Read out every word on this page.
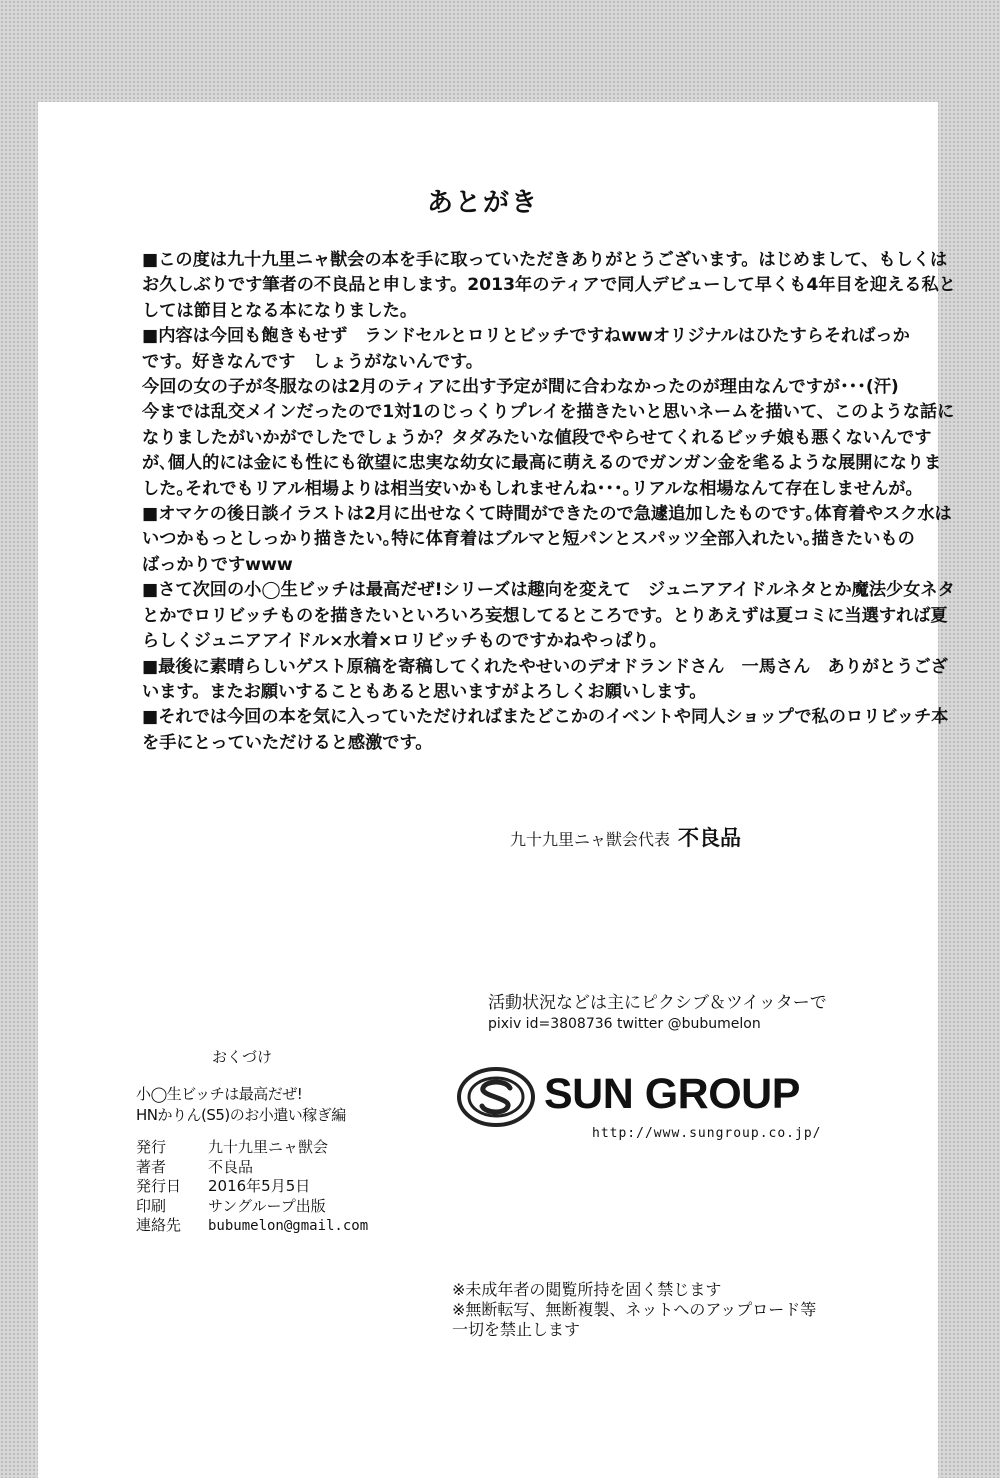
あとがき
■この度は九十九里ニャ獣会の本を手に取っていただきありがとうございます。はじめまして、もしくは
お久しぶりです筆者の不良品と申します。2013年のティアで同人デビューして早くも4年目を迎える私と
しては節目となる本になりました。
■内容は今回も飽きもせず　ランドセルとロリとビッチですねwwオリジナルはひたすらそればっか
です。好きなんです　しょうがないんです。
今回の女の子が冬服なのは2月のティアに出す予定が間に合わなかったのが理由なんですが･･･(汗)
今までは乱交メインだったので1対1のじっくりプレイを描きたいと思いネームを描いて、このような話に
なりましたがいかがでしたでしょうか？タダみたいな値段でやらせてくれるビッチ娘も悪くないんです
が､個人的には金にも性にも欲望に忠実な幼女に最高に萌えるのでガンガン金を毟るような展開になりま
した｡それでもリアル相場よりは相当安いかもしれませんね･･･｡リアルな相場なんて存在しませんが｡
■オマケの後日談イラストは2月に出せなくて時間ができたので急遽追加したものです｡体育着やスク水は
いつかもっとしっかり描きたい｡特に体育着はブルマと短パンとスパッツ全部入れたい｡描きたいもの
ばっかりですwww
■さて次回の小◯生ビッチは最高だぜ!シリーズは趣向を変えて　ジュニアアイドルネタとか魔法少女ネタ
とかでロリビッチものを描きたいといろいろ妄想してるところです。とりあえずは夏コミに当選すれば夏
らしくジュニアアイドル×水着×ロリビッチものですかねやっぱり。
■最後に素晴らしいゲスト原稿を寄稿してくれたやせいのデオドランドさん　一馬さん　ありがとうござ
います。またお願いすることもあると思いますがよろしくお願いします。
■それでは今回の本を気に入っていただければまたどこかのイベントや同人ショップで私のロリビッチ本
を手にとっていただけると感激です。
九十九里ニャ獣会代表 不良品
活動状況などは主にピクシブ＆ツイッターで
pixiv id=3808736 twitter @bubumelon
おくづけ
小◯生ビッチは最高だぜ!
HNかりん(S5)のお小遣い稼ぎ編
発行	九十九里ニャ獣会
著者	不良品
発行日 2016年5月5日
印刷	サングループ出版
連絡先 bubumelon@gmail.com
SUN GROUP
http://www.sungroup.co.jp/
※未成年者の閲覧所持を固く禁じます
※無断転写、無断複製、ネットへのアップロード等
一切を禁止します
